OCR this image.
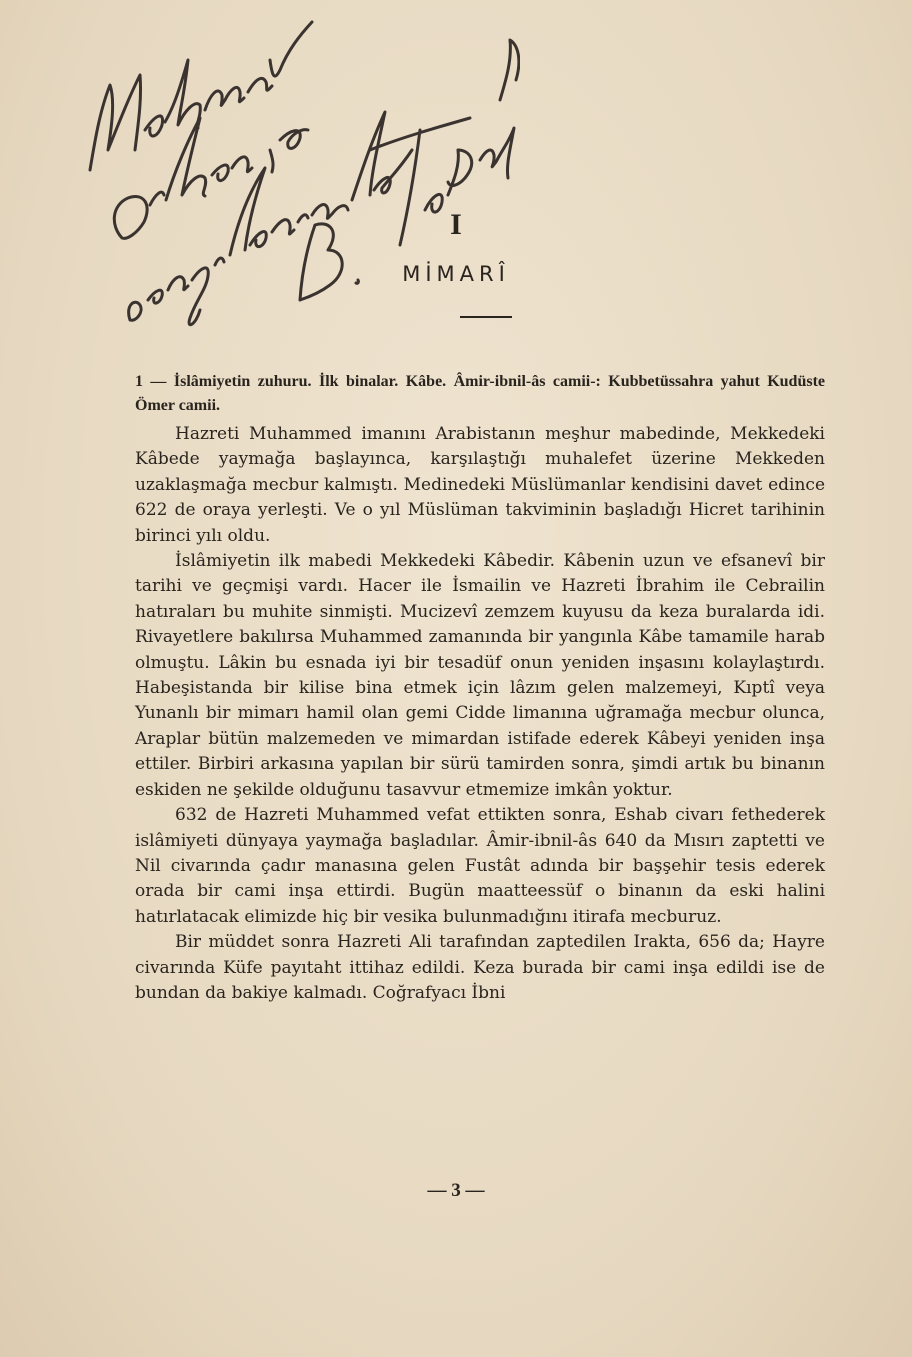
I
MİMARÎ
1 — İslâmiyetin zuhuru. İlk binalar. Kâbe. Âmir-ibnil-âs camii-: Kubbetüssahra yahut Kudüste Ömer camii.

Hazreti Muhammed imanını Arabistanın meşhur mabedinde, Mekkedeki Kâbede yaymağa başlayınca, karşılaştığı muhalefet üzerine Mekkeden uzaklaşmağa mecbur kalmıştı. Medinedeki Müslümanlar kendisini davet edince 622 de oraya yerleşti. Ve o yıl Müslüman takviminin başladığı Hicret tarihinin birinci yılı oldu.

İslâmiyetin ilk mabedi Mekkedeki Kâbedir. Kâbenin uzun ve efsanevî bir tarihi ve geçmişi vardı. Hacer ile İsmailin ve Hazreti İbrahim ile Cebrailin hatıraları bu muhite sinmişti. Mucizevî zemzem kuyusu da keza buralarda idi. Rivayetlere bakılırsa Muhammed zamanında bir yangınla Kâbe tamamile harab olmuştu. Lâkin bu esnada iyi bir tesadüf onun yeniden inşasını kolaylaştırdı. Habeşistanda bir kilise bina etmek için lâzım gelen malzemeyi, Kıptî veya Yunanlı bir mimarı hamil olan gemi Cidde limanına uğramağa mecbur olunca, Araplar bütün malzemeden ve mimardan istifade ederek Kâbeyi yeniden inşa ettiler. Birbiri arkasına yapılan bir sürü tamirden sonra, şimdi artık bu binanın eskiden ne şekilde olduğunu tasavvur etmemize imkân yoktur.

632 de Hazreti Muhammed vefat ettikten sonra, Eshab civarı fethederek islâmiyeti dünyaya yaymağa başladılar. Âmir-ibnil-âs 640 da Mısırı zaptetti ve Nil civarında çadır manasına gelen Fustât adında bir başşehir tesis ederek orada bir cami inşa ettirdi. Bugün maatteessüf o binanın da eski halini hatırlatacak elimizde hiç bir vesika bulunmadığını itirafa mecburuz.

Bir müddet sonra Hazreti Ali tarafından zaptedilen Irakta, 656 da; Hayre civarında Küfe payıtaht ittihaz edildi. Keza burada bir cami inşa edildi ise de bundan da bakiye kalmadı. Coğrafyacı İbni

— 3 —
